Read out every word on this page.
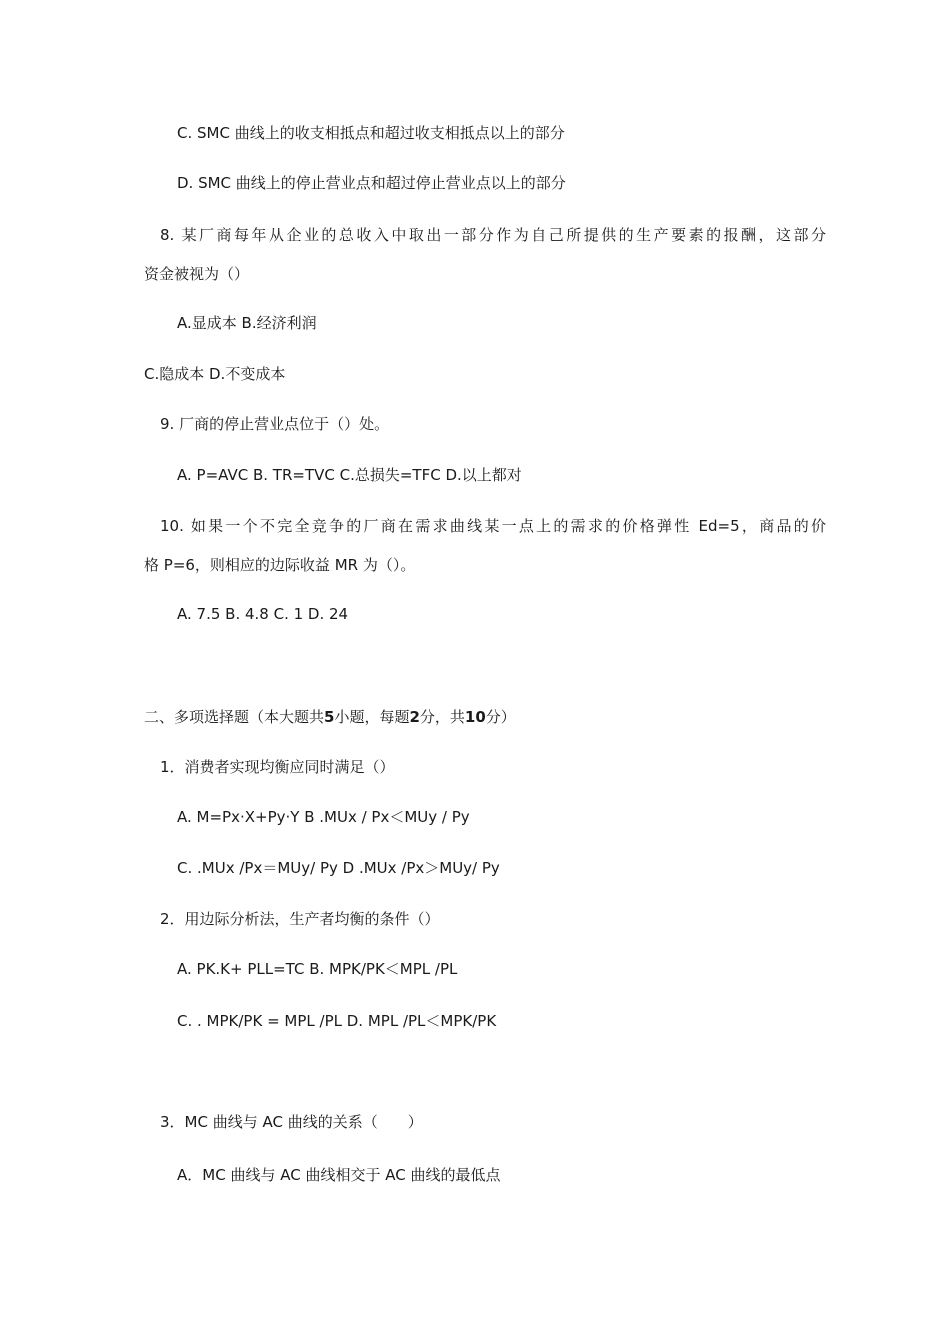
C. SMC 曲线上的收支相抵点和超过收支相抵点以上的部分
D. SMC 曲线上的停止营业点和超过停止营业点以上的部分
8. 某厂商每年从企业的总收入中取出一部分作为自己所提供的生产要素的报酬，这部分
资金被视为（）
A.显成本 B.经济利润
C.隐成本 D.不变成本
9. 厂商的停止营业点位于（）处。
A. P=AVC B. TR=TVC C.总损失=TFC D.以上都对
10. 如果一个不完全竞争的厂商在需求曲线某一点上的需求的价格弹性 Ed=5，商品的价
格 P=6，则相应的边际收益 MR 为（）。
A. 7.5 B. 4.8 C. 1 D. 24
二、多项选择题（本大题共5小题，每题2分，共10分）
1．消费者实现均衡应同时满足（）
A. M=Px·X+Py·Y B .MUx / Px＜MUy / Py
C. .MUx /Px＝MUy/ Py D .MUx /Px＞MUy/ Py
2．用边际分析法，生产者均衡的条件（）
A. PK.K+ PLL=TC B. MPK/PK＜MPL /PL
C. . MPK/PK = MPL /PL D. MPL /PL＜MPK/PK
3．MC 曲线与 AC 曲线的关系（　　）
A．MC 曲线与 AC 曲线相交于 AC 曲线的最低点
